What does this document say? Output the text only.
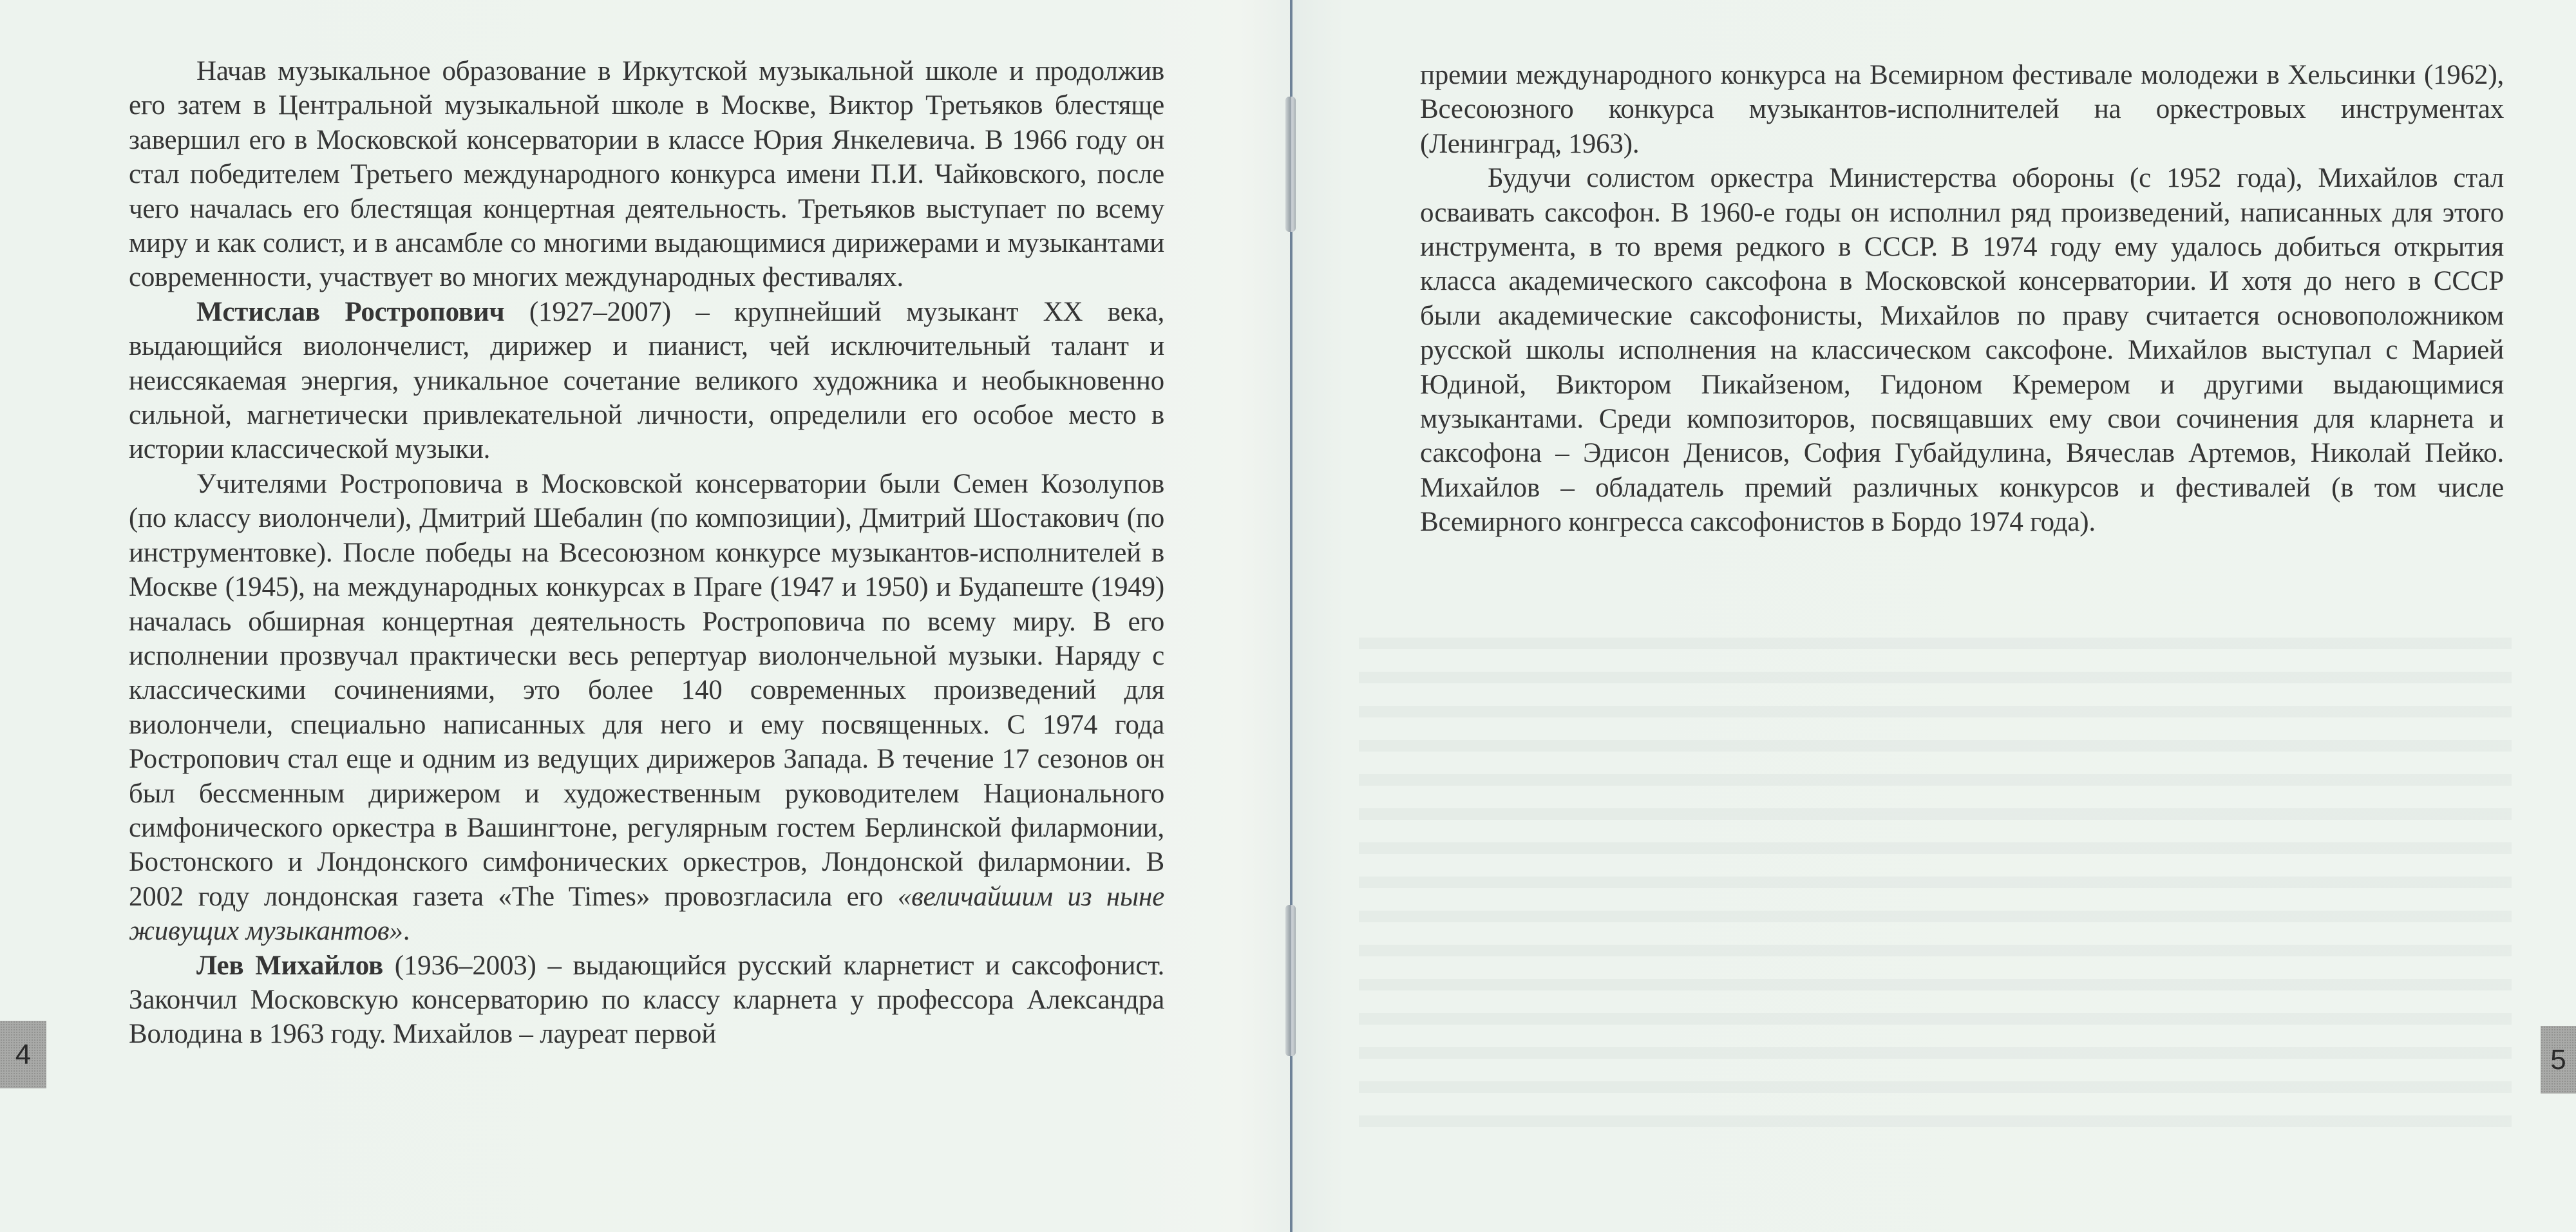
Начав музыкальное образование в Иркутской музыкальной школе и продолжив его затем в Центральной музыкальной школе в Москве, Виктор Третьяков блестяще завершил его в Московской консерватории в классе Юрия Янкелевича. В 1966 году он стал победителем Третьего международного конкурса имени П.И. Чайковского, после чего началась его блестящая концертная деятельность. Третьяков выступает по всему миру и как солист, и в ансамбле со многими выдающимися дирижерами и музыкантами современности, участвует во многих международных фестивалях.

Мстислав Ростропович (1927–2007) – крупнейший музыкант XX века, выдающийся виолончелист, дирижер и пианист, чей исключительный талант и неиссякаемая энергия, уникальное сочетание великого художника и необыкновенно сильной, магнетически привлекательной личности, определили его особое место в истории классической музыки.

Учителями Ростроповича в Московской консерватории были Семен Козолупов (по классу виолончели), Дмитрий Шебалин (по композиции), Дмитрий Шостакович (по инструментовке). После победы на Всесоюзном конкурсе музыкантов-исполнителей в Москве (1945), на международных конкурсах в Праге (1947 и 1950) и Будапеште (1949) началась обширная концертная деятельность Ростроповича по всему миру. В его исполнении прозвучал практически весь репертуар виолончельной музыки. Наряду с классическими сочинениями, это более 140 современных произведений для виолончели, специально написанных для него и ему посвященных. С 1974 года Ростропович стал еще и одним из ведущих дирижеров Запада. В течение 17 сезонов он был бессменным дирижером и художественным руководителем Национального симфонического оркестра в Вашингтоне, регулярным гостем Берлинской филармонии, Бостонского и Лондонского симфонических оркестров, Лондонской филармонии. В 2002 году лондонская газета «The Times» провозгласила его «величайшим из ныне живущих музыкантов».

Лев Михайлов (1936–2003) – выдающийся русский кларнетист и саксофонист. Закончил Московскую консерваторию по классу кларнета у профессора Александра Володина в 1963 году. Михайлов – лауреат первой

премии международного конкурса на Всемирном фестивале молодежи в Хельсинки (1962), Всесоюзного конкурса музыкантов-исполнителей на оркестровых инструментах (Ленинград, 1963).

Будучи солистом оркестра Министерства обороны (с 1952 года), Михайлов стал осваивать саксофон. В 1960-е годы он исполнил ряд произведений, написанных для этого инструмента, в то время редкого в СССР. В 1974 году ему удалось добиться открытия класса академического саксофона в Московской консерватории. И хотя до него в СССР были академические саксофонисты, Михайлов по праву считается основоположником русской школы исполнения на классическом саксофоне. Михайлов выступал с Марией Юдиной, Виктором Пикайзеном, Гидоном Кремером и другими выдающимися музыкантами. Среди композиторов, посвящавших ему свои сочинения для кларнета и саксофона – Эдисон Денисов, София Губайдулина, Вячеслав Артемов, Николай Пейко. Михайлов – обладатель премий различных конкурсов и фестивалей (в том числе Всемирного конгресса саксофонистов в Бордо 1974 года).

4	5
